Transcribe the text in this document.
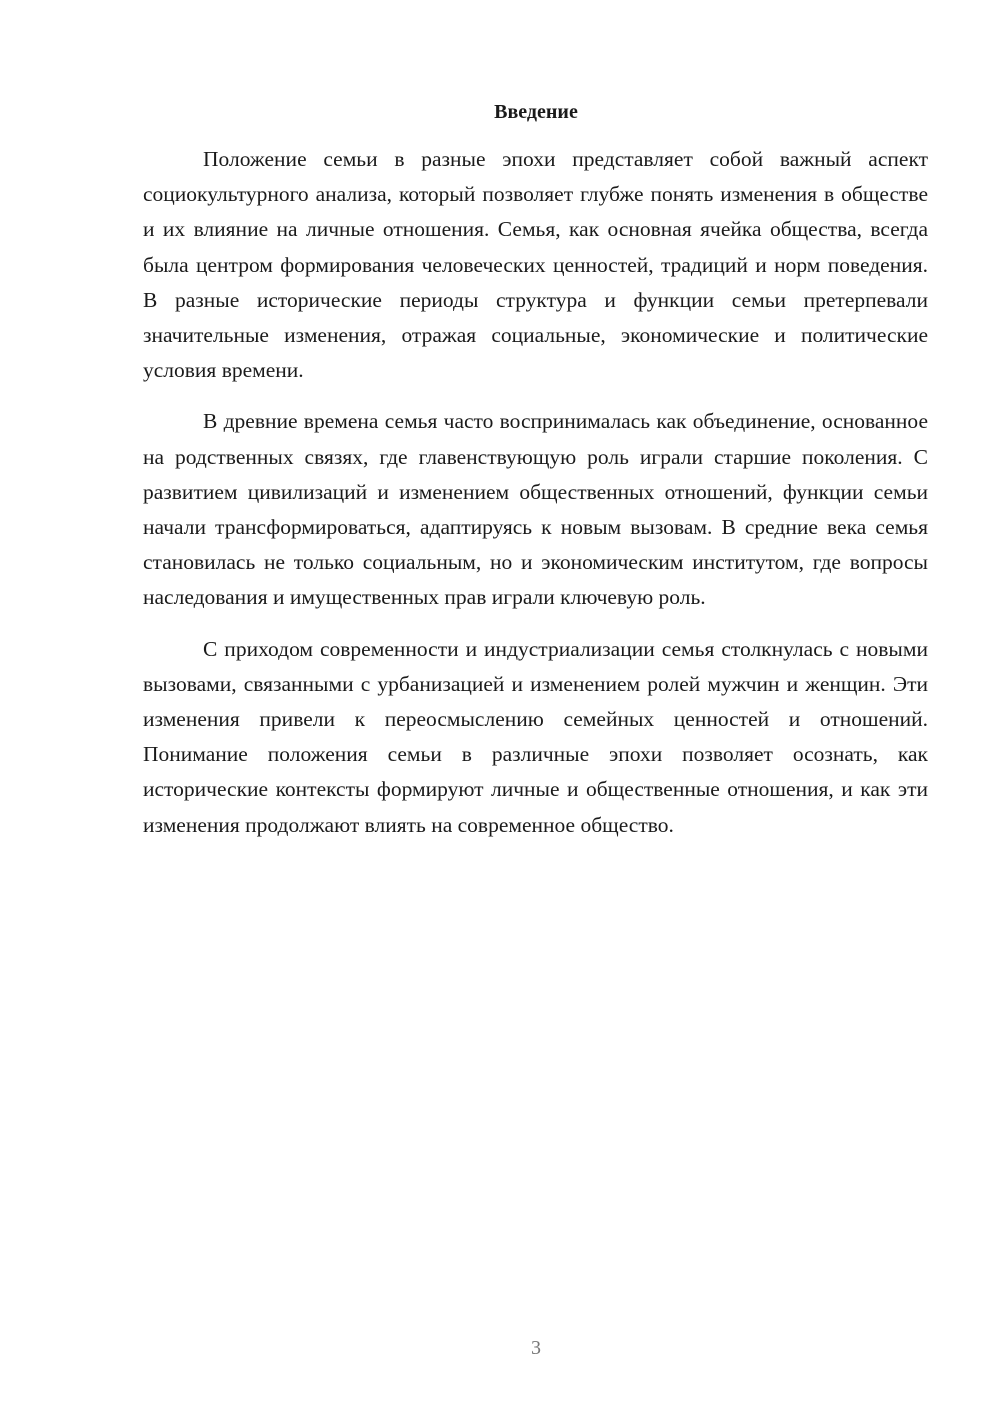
Введение

Положение семьи в разные эпохи представляет собой важный аспект социокультурного анализа, который позволяет глубже понять изменения в обществе и их влияние на личные отношения. Семья, как основная ячейка общества, всегда была центром формирования человеческих ценностей, традиций и норм поведения. В разные исторические периоды структура и функции семьи претерпевали значительные изменения, отражая социальные, экономические и политические условия времени.

В древние времена семья часто воспринималась как объединение, основанное на родственных связях, где главенствующую роль играли старшие поколения. С развитием цивилизаций и изменением общественных отношений, функции семьи начали трансформироваться, адаптируясь к новым вызовам. В средние века семья становилась не только социальным, но и экономическим институтом, где вопросы наследования и имущественных прав играли ключевую роль.

С приходом современности и индустриализации семья столкнулась с новыми вызовами, связанными с урбанизацией и изменением ролей мужчин и женщин. Эти изменения привели к переосмыслению семейных ценностей и отношений. Понимание положения семьи в различные эпохи позволяет осознать, как исторические контексты формируют личные и общественные отношения, и как эти изменения продолжают влиять на современное общество.

3
